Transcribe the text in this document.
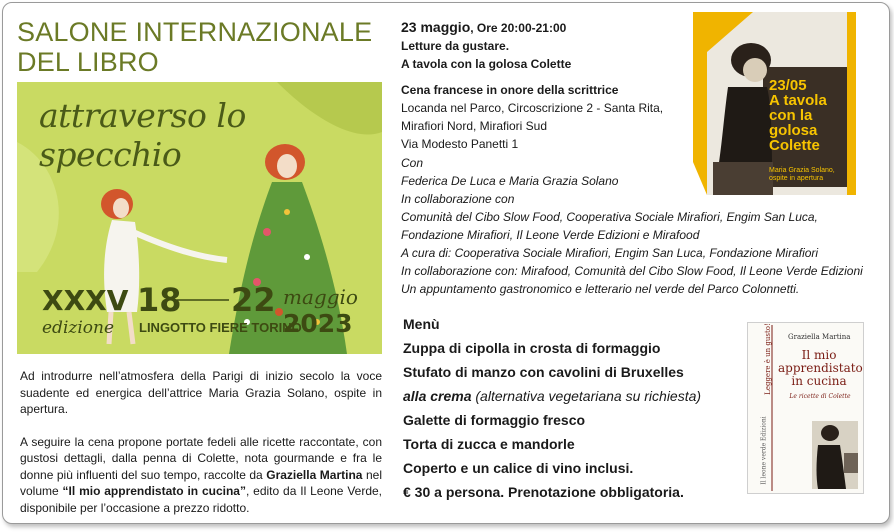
SALONE INTERNAZIONALE
DEL LIBRO
attraverso lo specchio
XXXV
edizione
18 22 maggio
LINGOTTO FIERE TORINO
2023

Ad introdurre nell’atmosfera della Parigi di inizio secolo la voce suadente ed energica dell’attrice Maria Grazia Solano, ospite in apertura.

A seguire la cena propone portate fedeli alle ricette raccontate, con gustosi dettagli, dalla penna di Colette, nota gourmande e fra le donne più influenti del suo tempo, raccolte da Graziella Martina nel volume “Il mio apprendistato in cucina”, edito da Il Leone Verde, disponibile per l’occasione a prezzo ridotto.

23 maggio, Ore 20:00-21:00
Letture da gustare.
A tavola con la golosa Colette
Cena francese in onore della scrittrice
Locanda nel Parco, Circoscrizione 2 - Santa Rita,
Mirafiori Nord, Mirafiori Sud
Via Modesto Panetti 1
Con
Federica De Luca e Maria Grazia Solano
In collaborazione con
Comunità del Cibo Slow Food, Cooperativa Sociale Mirafiori, Engim San Luca,
Fondazione Mirafiori, Il Leone Verde Edizioni e Mirafood
A cura di: Cooperativa Sociale Mirafiori, Engim San Luca, Fondazione Mirafiori
In collaborazione con: Mirafood, Comunità del Cibo Slow Food, Il Leone Verde Edizioni
Un appuntamento gastronomico e letterario nel verde del Parco Colonnetti.
Menù
Zuppa di cipolla in crosta di formaggio
Stufato di manzo con cavolini di Bruxelles
alla crema (alternativa vegetariana su richiesta)
Galette di formaggio fresco
Torta di zucca e mandorle
Coperto e un calice di vino inclusi.
€ 30 a persona. Prenotazione obbligatoria.
23/05
A tavola
con la
golosa
Colette
Maria Grazia Solano, ospite in apertura
Leggere è un gusto!
Il leone verde Edizioni
Graziella Martina
Il mio apprendistato in cucina
Le ricette di Colette
